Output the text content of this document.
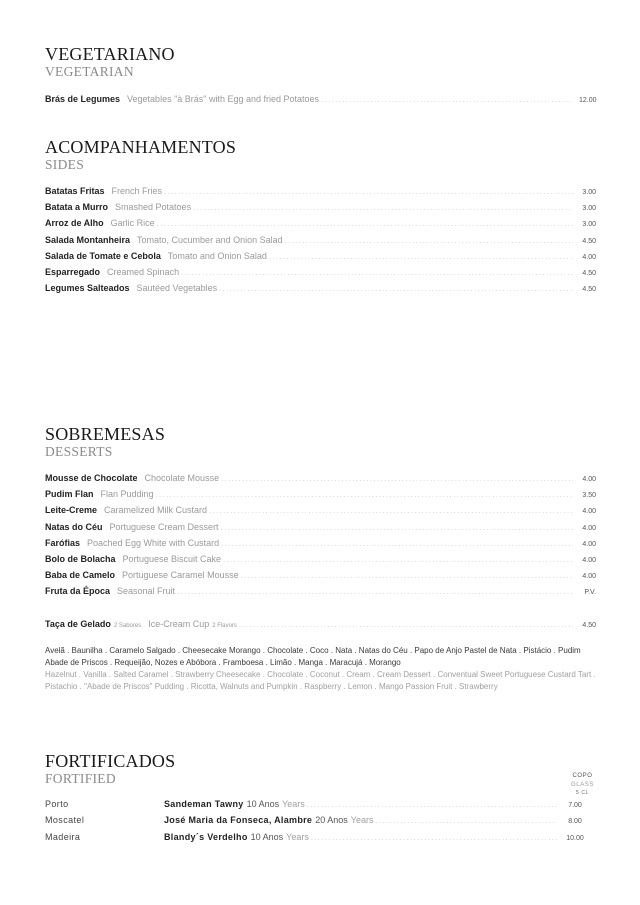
VEGETARIANO
VEGETARIAN
Brás de Legumes Vegetables "à Brás" with Egg and fried Potatoes .....	12.00
ACOMPANHAMENTOS
SIDES
Batatas Fritas French Fries .....	3.00
Batata a Murro Smashed Potatoes .....	3.00
Arroz de Alho Garlic Rice .....	3.00
Salada Montanheira Tomato, Cucumber and Onion Salad .....	4.50
Salada de Tomate e Cebola Tomato and Onion Salad .....	4.00
Esparregado Creamed Spinach .....	4.50
Legumes Salteados Sautéed Vegetables .....	4.50
SOBREMESAS
DESSERTS
Mousse de Chocolate Chocolate Mousse .....	4.00
Pudim Flan Flan Pudding .....	3.50
Leite-Creme Caramelized Milk Custard .....	4.00
Natas do Céu Portuguese Cream Dessert .....	4.00
Farófias Poached Egg White with Custard .....	4.00
Bolo de Bolacha Portuguese Biscuit Cake .....	4.00
Baba de Camelo Portuguese Caramel Mousse .....	4.00
Fruta da Época Seasonal Fruit .....	P.V.
Taça de Gelado 2 Sabores Ice-Cream Cup 2 Flavors .....	4.50
Avelã . Baunilha . Caramelo Salgado . Cheesecake Morango . Chocolate . Coco . Nata . Natas do Céu . Papo de Anjo Pastel de Nata . Pistácio . Pudim Abade de Priscos . Requeijão, Nozes e Abóbora . Framboesa . Limão . Manga . Maracujá . Morango
Hazelnut . Vanilla . Salted Caramel . Strawberry Cheesecake . Chocolate . Coconut . Cream . Cream Dessert . Conventual Sweet Portuguese Custard Tart . Pistachio . "Abade de Priscos" Pudding . Ricotta, Walnuts and Pumpkin . Raspberry . Lemon . Mango Passion Fruit . Strawberry
FORTIFICADOS
FORTIFIED	COPO
GLASS
5 CL
Porto	Sandeman Tawny 10 Anos Years .....	7.00
Moscatel	José Maria da Fonseca, Alambre 20 Anos Years .....	8.00
Madeira	Blandy´s Verdelho 10 Anos Years .....	10.00
